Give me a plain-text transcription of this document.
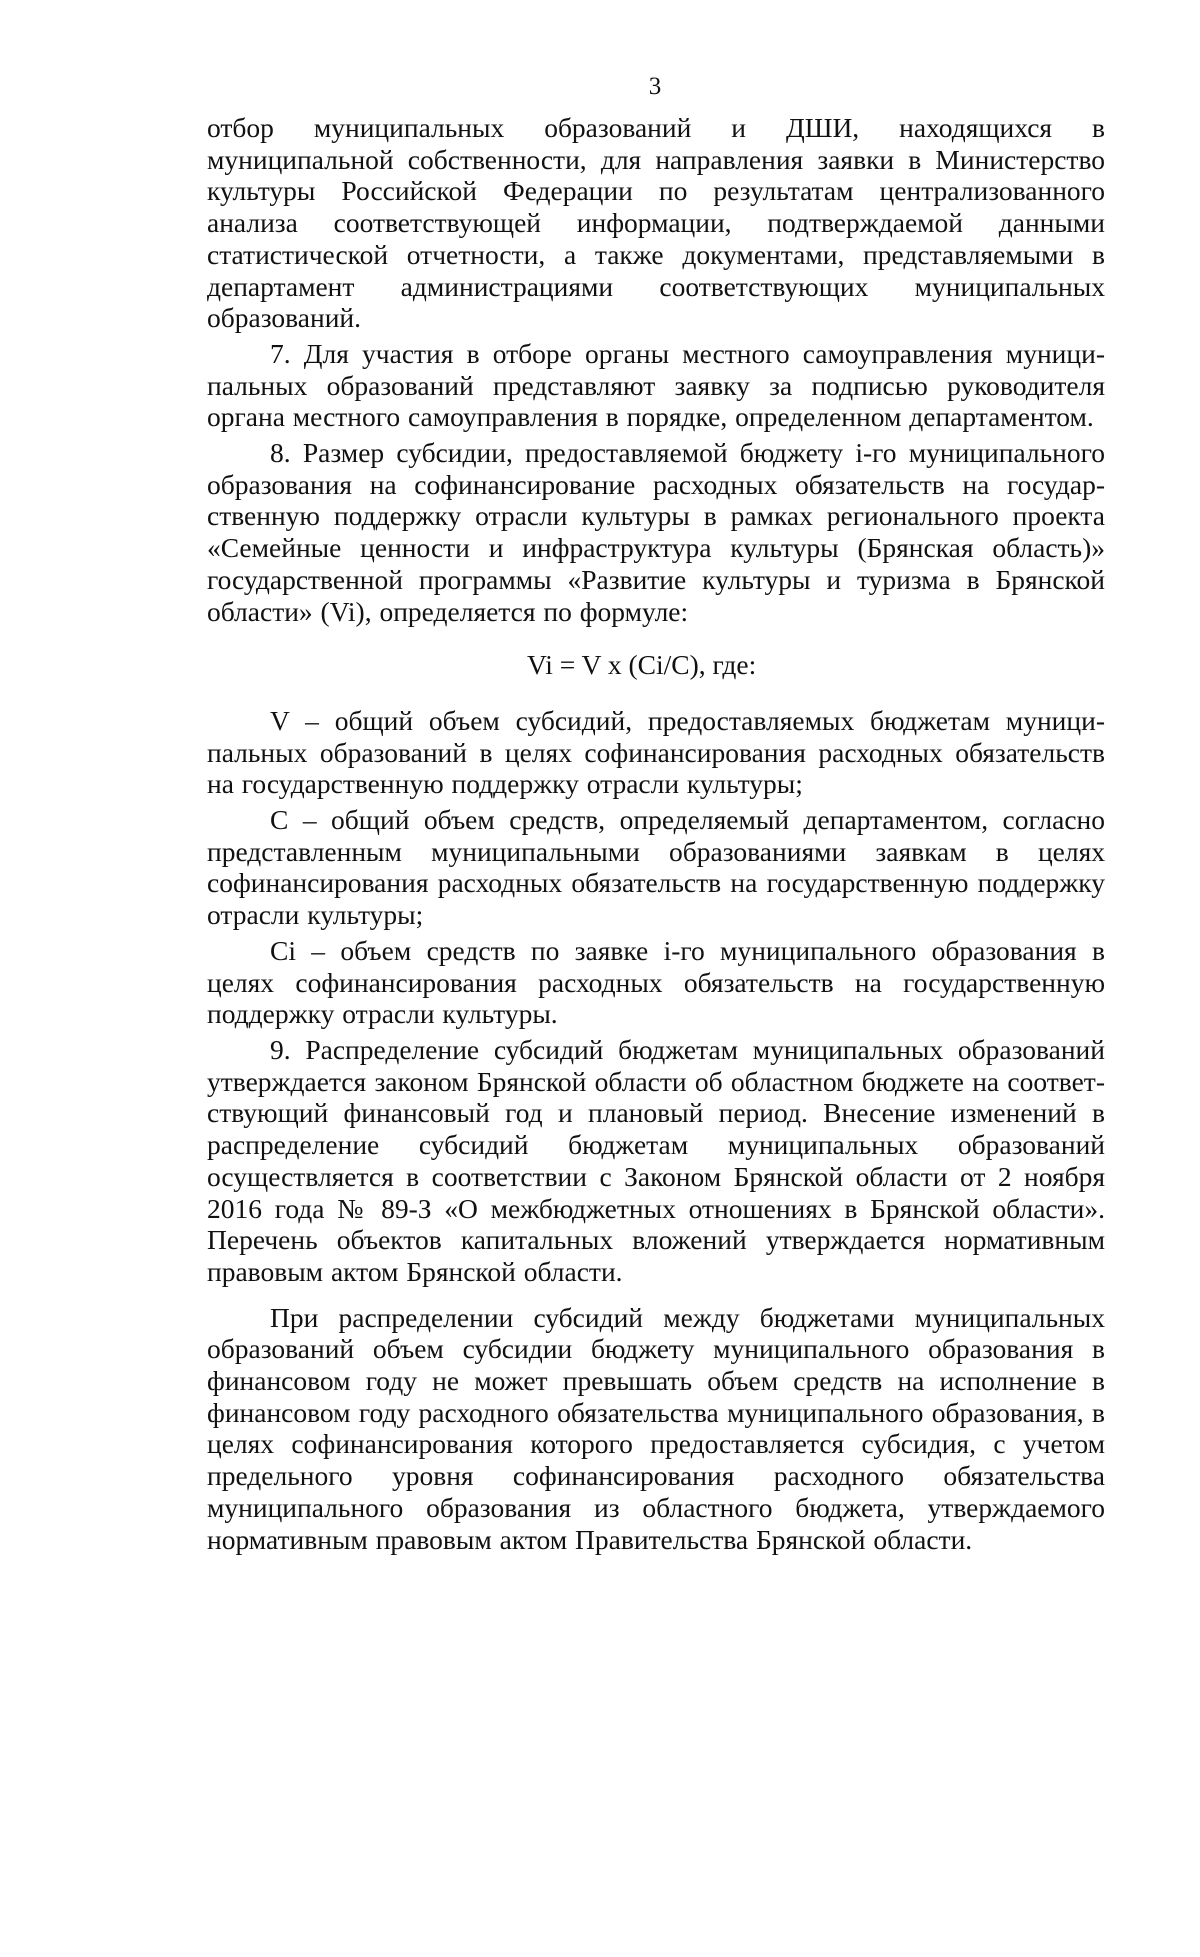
3

отбор муниципальных образований и ДШИ, находящихся в муниципальной собственности, для направления заявки в Министерство культуры Российской Федерации по результатам централизованного анализа соответствующей информации, подтверждаемой данными статистической отчетности, а также документами, представляемыми в департамент администрациями соответствующих муниципальных образований.

7. Для участия в отборе органы местного самоуправления муниципальных образований представляют заявку за подписью руководителя органа местного самоуправления в порядке, определенном департаментом.

8. Размер субсидии, предоставляемой бюджету i-го муниципального образования на софинансирование расходных обязательств на государственную поддержку отрасли культуры в рамках регионального проекта «Семейные ценности и инфраструктура культуры (Брянская область)» государственной программы «Развитие культуры и туризма в Брянской области» (Vi), определяется по формуле:

Vi = V x (Ci/C), где:

V – общий объем субсидий, предоставляемых бюджетам муниципальных образований в целях софинансирования расходных обязательств на государственную поддержку отрасли культуры;

С – общий объем средств, определяемый департаментом, согласно представленным муниципальными образованиями заявкам в целях софинансирования расходных обязательств на государственную поддержку отрасли культуры;

Ci – объем средств по заявке i-го муниципального образования в целях софинансирования расходных обязательств на государственную поддержку отрасли культуры.

9. Распределение субсидий бюджетам муниципальных образований утверждается законом Брянской области об областном бюджете на соответствующий финансовый год и плановый период. Внесение изменений в распределение субсидий бюджетам муниципальных образований осуществляется в соответствии с Законом Брянской области от 2 ноября 2016 года № 89-З «О межбюджетных отношениях в Брянской области». Перечень объектов капитальных вложений утверждается нормативным правовым актом Брянской области.

При распределении субсидий между бюджетами муниципальных образований объем субсидии бюджету муниципального образования в финансовом году не может превышать объем средств на исполнение в финансовом году расходного обязательства муниципального образования, в целях софинансирования которого предоставляется субсидия, с учетом предельного уровня софинансирования расходного обязательства муниципального образования из областного бюджета, утверждаемого нормативным правовым актом Правительства Брянской области.
